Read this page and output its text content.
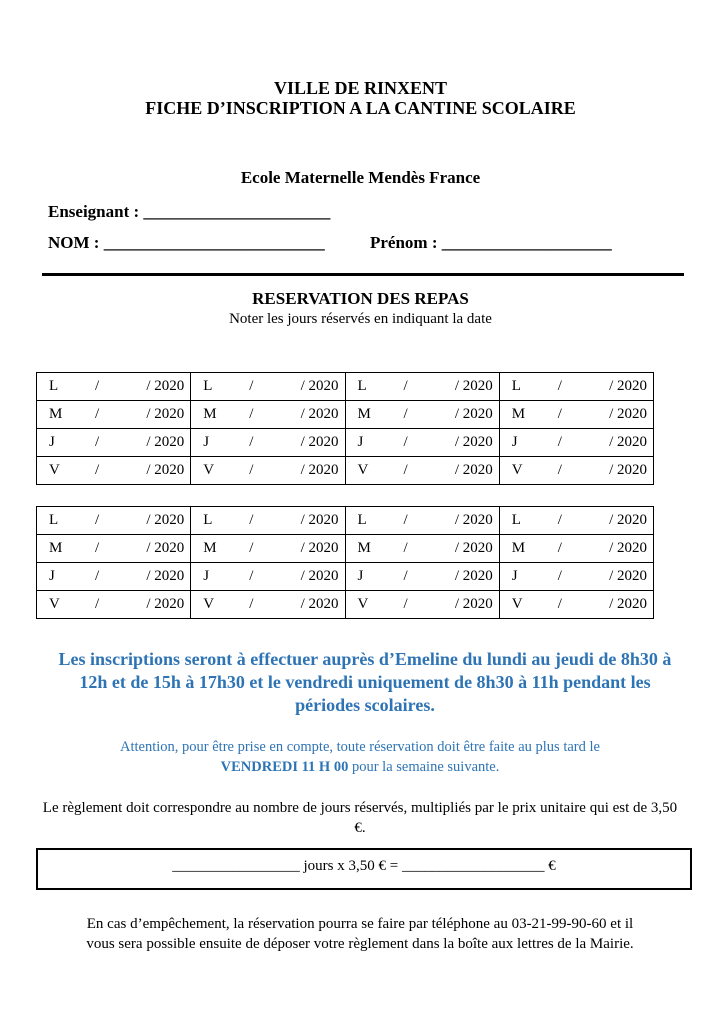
VILLE DE RINXENT
FICHE D’INSCRIPTION A LA CANTINE SCOLAIRE
Ecole Maternelle Mendès France
Enseignant : ______________________
NOM : __________________________	Prénom : ____________________
RESERVATION DES REPAS
Noter les jours réservés en indiquant la date
L / / 2020	L / / 2020	L / / 2020	L / / 2020

M / / 2020	M / / 2020	M / / 2020	M / / 2020

J / / 2020	J / / 2020	J / / 2020	J / / 2020

V / / 2020	V / / 2020	V / / 2020	V / / 2020
L / / 2020	L / / 2020	L / / 2020	L / / 2020

M / / 2020	M / / 2020	M / / 2020	M / / 2020

J / / 2020	J / / 2020	J / / 2020	J / / 2020

V / / 2020	V / / 2020	V / / 2020	V / / 2020
Les inscriptions seront à effectuer auprès d’Emeline du lundi au jeudi de 8h30 à 12h et de 15h à 17h30 et le vendredi uniquement de 8h30 à 11h pendant les périodes scolaires.
Attention, pour être prise en compte, toute réservation doit être faite au plus tard le
VENDREDI 11 H 00 pour la semaine suivante.
Le règlement doit correspondre au nombre de jours réservés, multipliés par le prix unitaire qui est de 3,50 €.
_________________ jours x 3,50 € = ___________________ €
En cas d’empêchement, la réservation pourra se faire par téléphone au 03-21-99-90-60 et il vous sera possible ensuite de déposer votre règlement dans la boîte aux lettres de la Mairie.
